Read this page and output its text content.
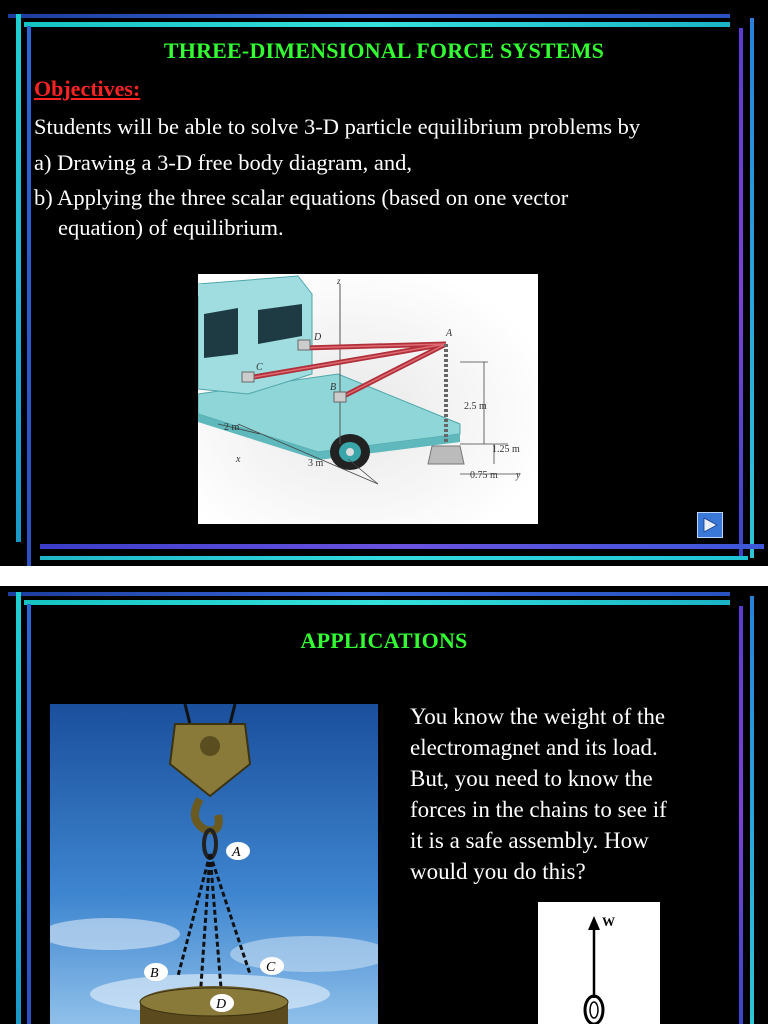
THREE-DIMENSIONAL FORCE SYSTEMS
Objectives:
Students will be able to solve 3-D particle equilibrium problems by
a) Drawing a 3-D free body diagram, and,
b) Applying the three scalar equations (based on one vector
equation) of equilibrium.
z
A
B
C
D
2.5 m
1.25 m
0.75 m y
2 m
3 m
x
APPLICATIONS
A
B	C
D
You know the weight of the
electromagnet and its load.
But, you need to know the
forces in the chains to see if
it is a safe assembly. How
would you do this?
W
